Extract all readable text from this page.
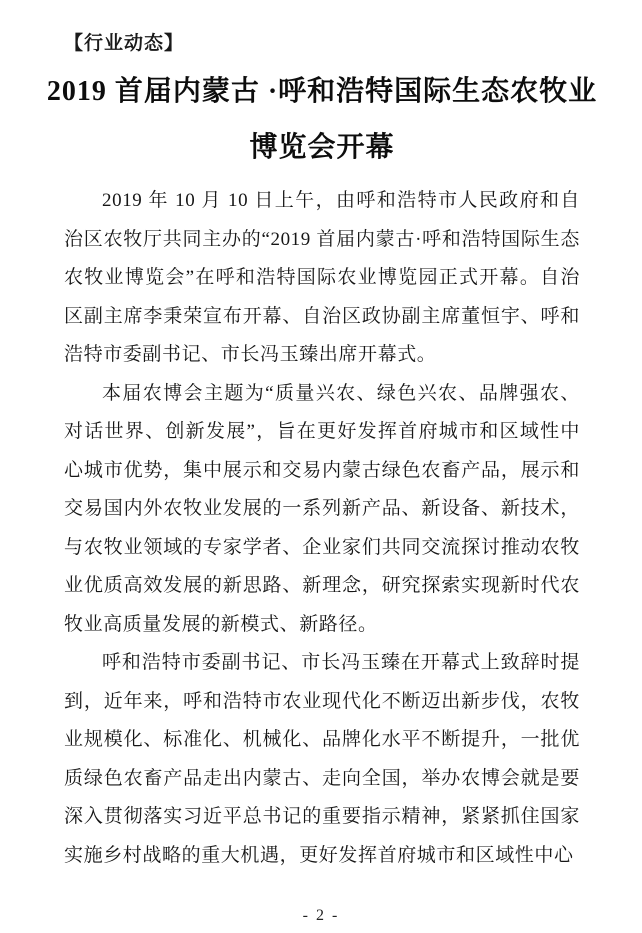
【行业动态】
2019 首届内蒙古 ·呼和浩特国际生态农牧业
博览会开幕

2019 年 10 月 10 日上午，由呼和浩特市人民政府和自治区农牧厅共同主办的“2019 首届内蒙古·呼和浩特国际生态农牧业博览会”在呼和浩特国际农业博览园正式开幕。自治区副主席李秉荣宣布开幕、自治区政协副主席董恒宇、呼和浩特市委副书记、市长冯玉臻出席开幕式。

本届农博会主题为“质量兴农、绿色兴农、品牌强农、对话世界、创新发展”，旨在更好发挥首府城市和区域性中心城市优势，集中展示和交易内蒙古绿色农畜产品，展示和交易国内外农牧业发展的一系列新产品、新设备、新技术，与农牧业领域的专家学者、企业家们共同交流探讨推动农牧业优质高效发展的新思路、新理念，研究探索实现新时代农牧业高质量发展的新模式、新路径。

呼和浩特市委副书记、市长冯玉臻在开幕式上致辞时提到，近年来，呼和浩特市农业现代化不断迈出新步伐，农牧业规模化、标准化、机械化、品牌化水平不断提升，一批优质绿色农畜产品走出内蒙古、走向全国，举办农博会就是要深入贯彻落实习近平总书记的重要指示精神，紧紧抓住国家实施乡村战略的重大机遇，更好发挥首府城市和区域性中心

- 2 -
